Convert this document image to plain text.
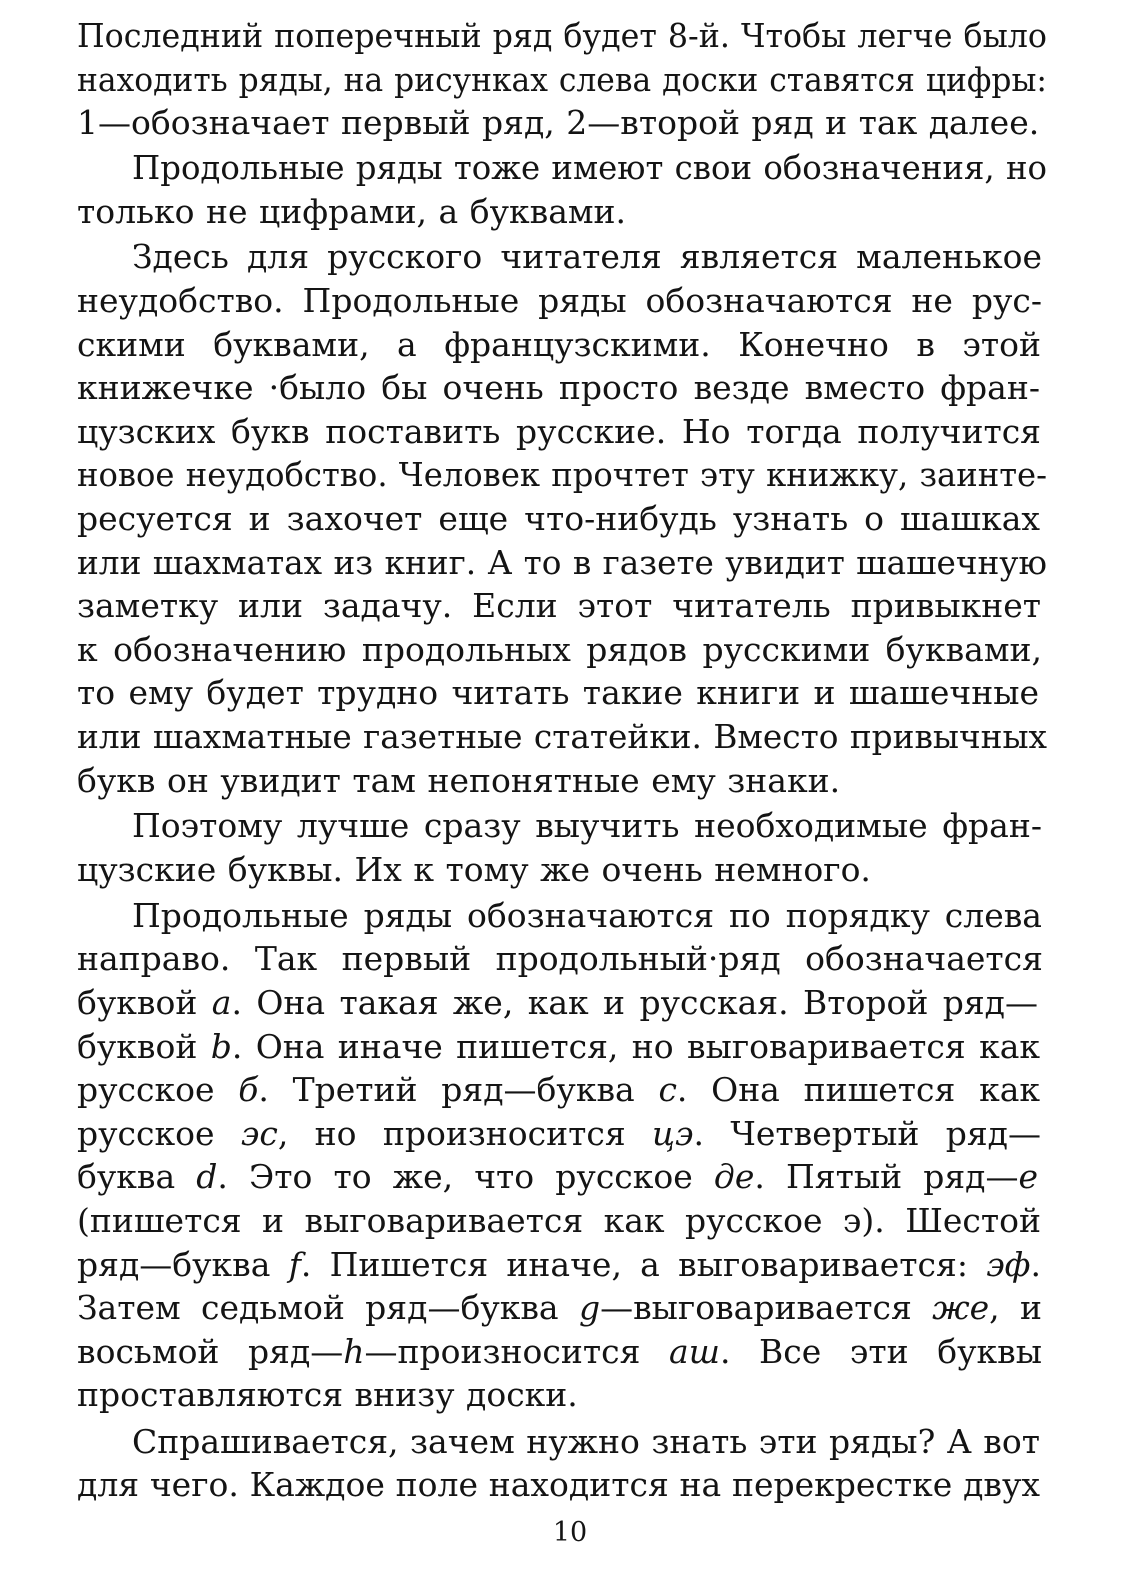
Последний поперечный ряд будет 8-й. Чтобы легче было
находить ряды, на рисунках слева доски ставятся цифры:
1—обозначает первый ряд, 2—второй ряд и так далее.
Продольные ряды тоже имеют свои обозначения, но
только не цифрами, а буквами.
Здесь для русского читателя является маленькое
неудобство. Продольные ряды обозначаются не рус-
скими буквами, а французскими. Конечно в этой
книжечке ·было бы очень просто везде вместо фран-
цузских букв поставить русские. Но тогда получится
новое неудобство. Человек прочтет эту книжку, заинте-
ресуется и захочет еще что-нибудь узнать о шашках
или шахматах из книг. А то в газете увидит шашечную
заметку или задачу. Если этот читатель привыкнет
к обозначению продольных рядов русскими буквами,
то ему будет трудно читать такие книги и шашечные
или шахматные газетные статейки. Вместо привычных
букв он увидит там непонятные ему знаки.
Поэтому лучше сразу выучить необходимые фран-
цузские буквы. Их к тому же очень немного.
Продольные ряды обозначаются по порядку слева
направо. Так первый продольный·ряд обозначается
буквой a. Она такая же, как и русская. Второй ряд—
буквой b. Она иначе пишется, но выговаривается как
русское б. Третий ряд—буква c. Она пишется как
русское эс, но произносится цэ. Четвертый ряд—
буква d. Это то же, что русское де. Пятый ряд—e
(пишется и выговаривается как русское э). Шестой
ряд—буква f. Пишется иначе, а выговаривается: эф.
Затем седьмой ряд—буква g—выговаривается же, и
восьмой ряд—h—произносится аш. Все эти буквы
проставляются внизу доски.
Спрашивается, зачем нужно знать эти ряды? А вот
для чего. Каждое поле находится на перекрестке двух
10
